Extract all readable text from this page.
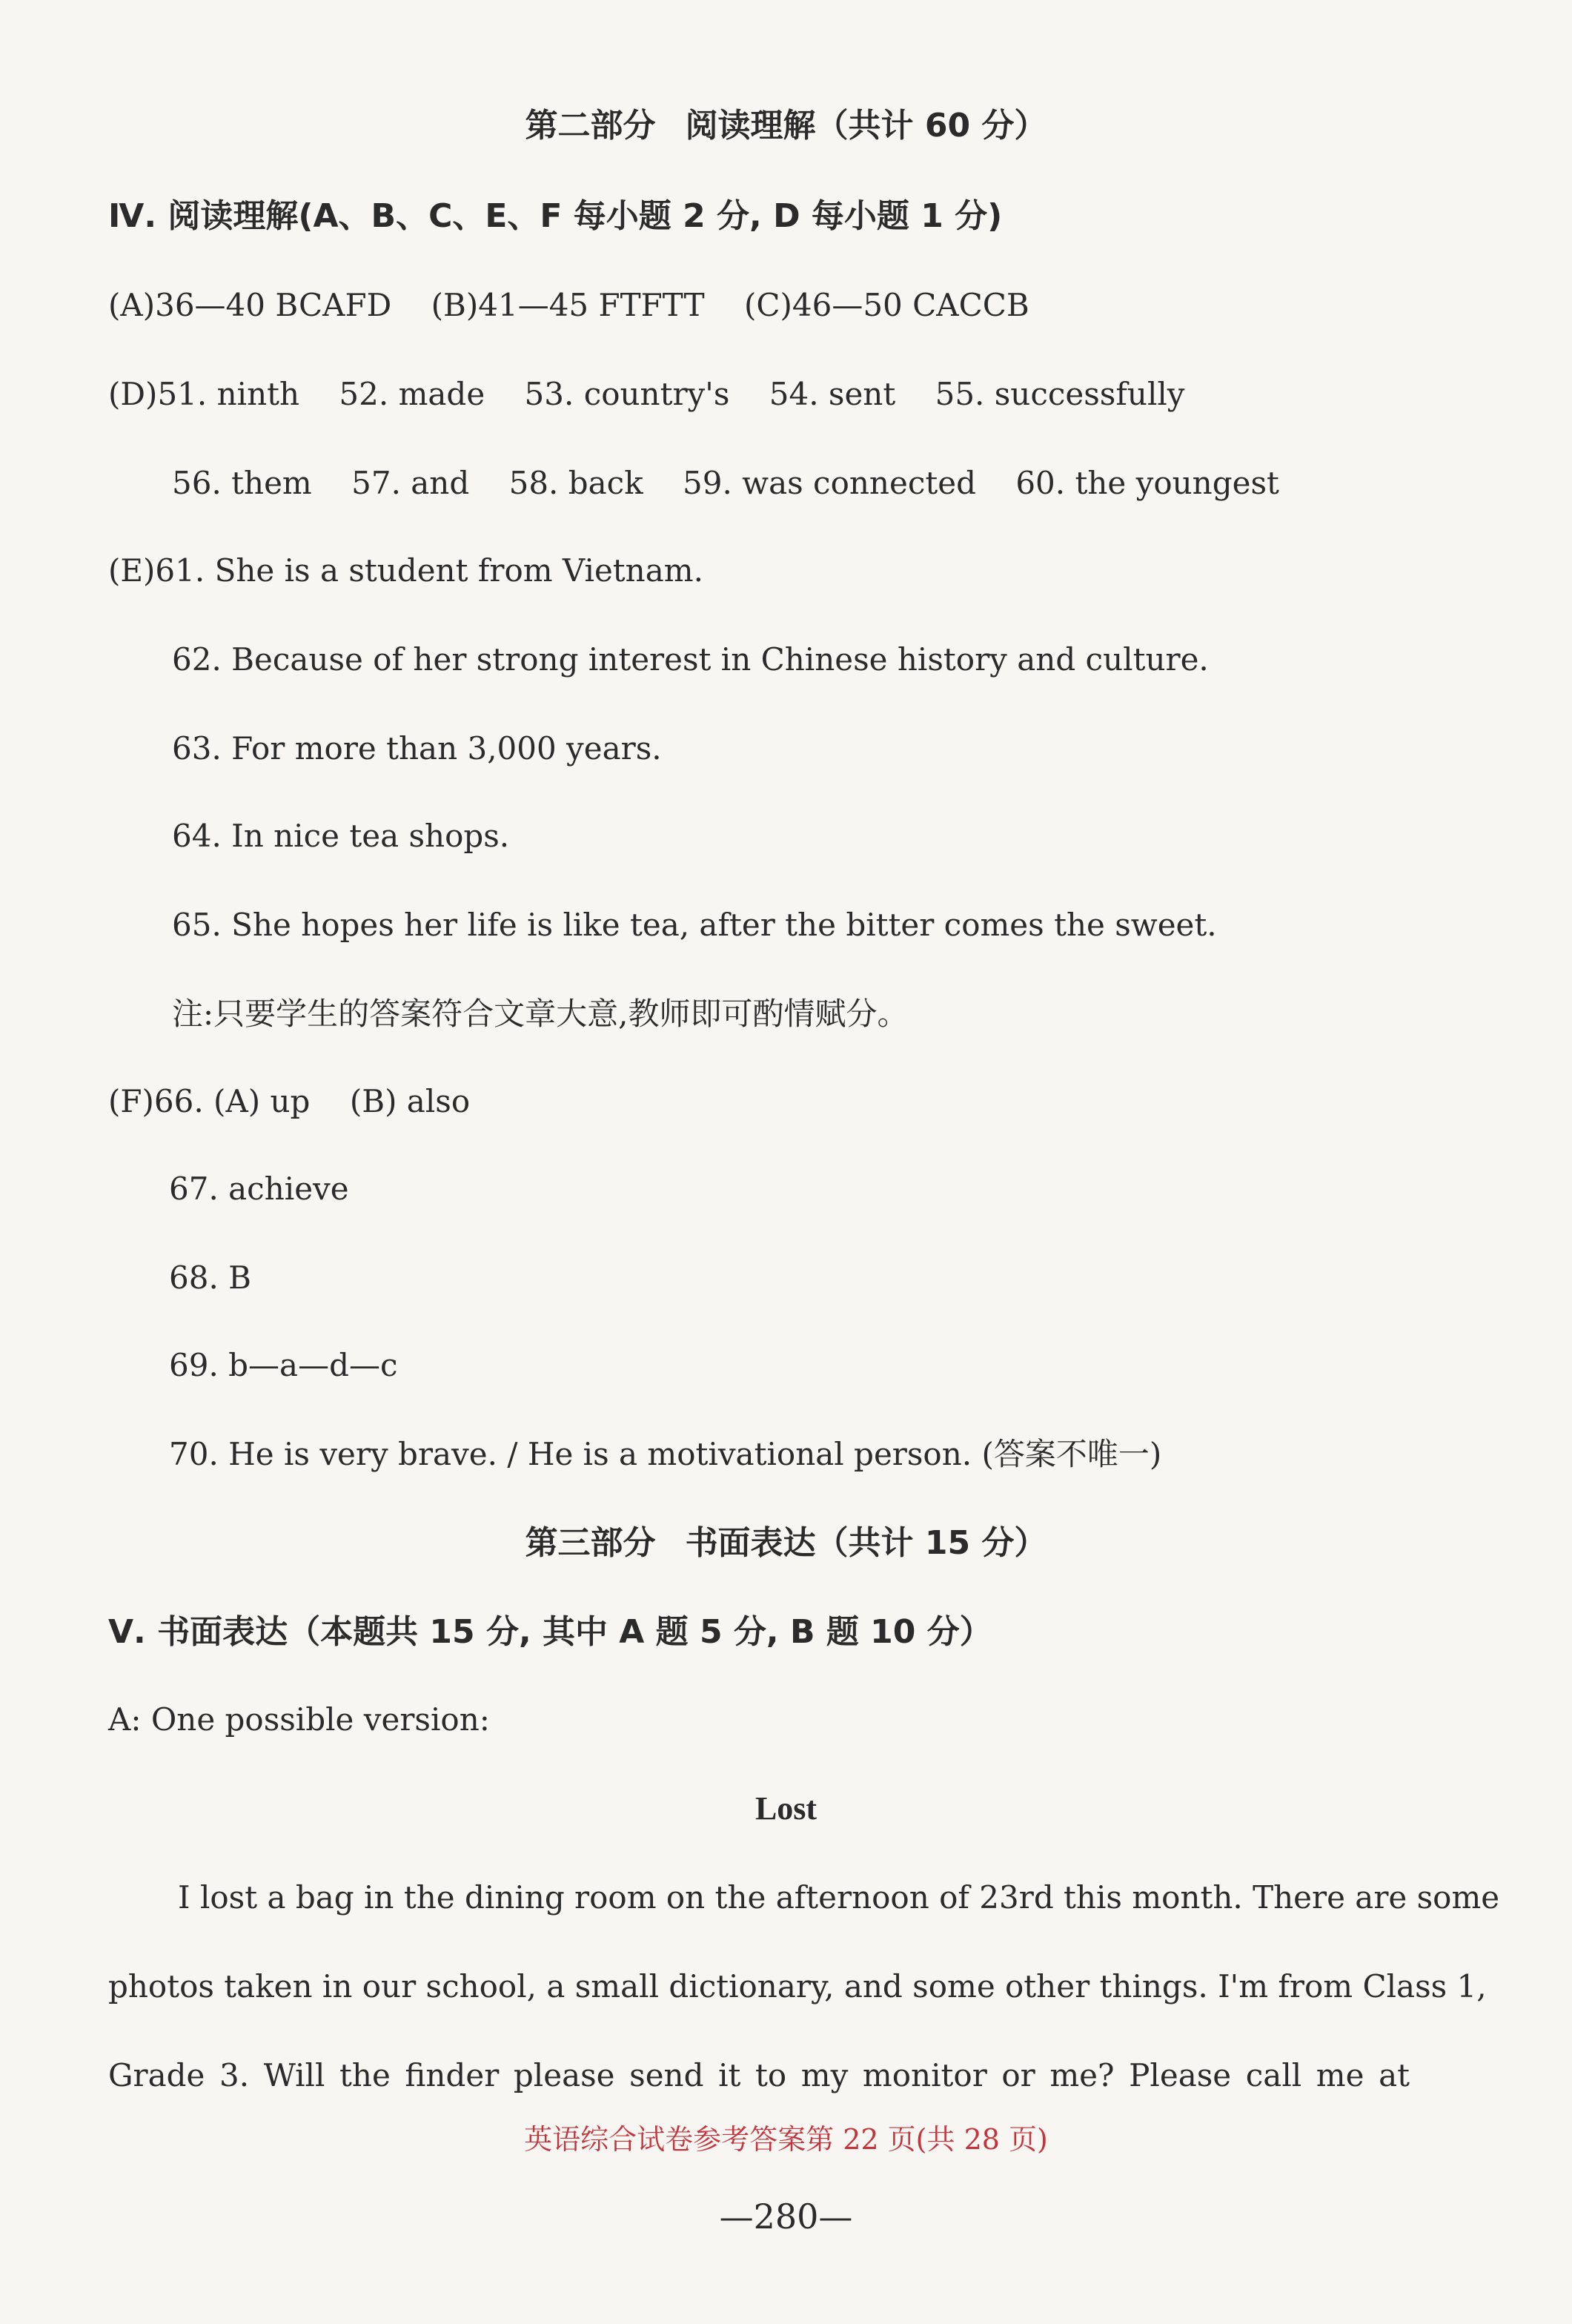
第二部分 阅读理解（共计 60 分）
Ⅳ. 阅读理解(A、B、C、E、F 每小题 2 分, D 每小题 1 分)
(A)36—40 BCAFD (B)41—45 FTFTT (C)46—50 CACCB
(D)51. ninth 52. made 53. country's 54. sent 55. successfully
56. them 57. and 58. back 59. was connected 60. the youngest
(E)61. She is a student from Vietnam.
62. Because of her strong interest in Chinese history and culture.
63. For more than 3,000 years.
64. In nice tea shops.
65. She hopes her life is like tea, after the bitter comes the sweet.
注:只要学生的答案符合文章大意,教师即可酌情赋分。
(F)66. (A) up (B) also
67. achieve
68. B
69. b—a—d—c
70. He is very brave. / He is a motivational person. (答案不唯一)
第三部分 书面表达（共计 15 分）
Ⅴ. 书面表达（本题共 15 分, 其中 A 题 5 分, B 题 10 分）
A: One possible version:
Lost
I lost a bag in the dining room on the afternoon of 23rd this month. There are some
photos taken in our school, a small dictionary, and some other things. I'm from Class 1,
Grade 3. Will the finder please send it to my monitor or me? Please call me at
英语综合试卷参考答案第 22 页(共 28 页)
—280—
